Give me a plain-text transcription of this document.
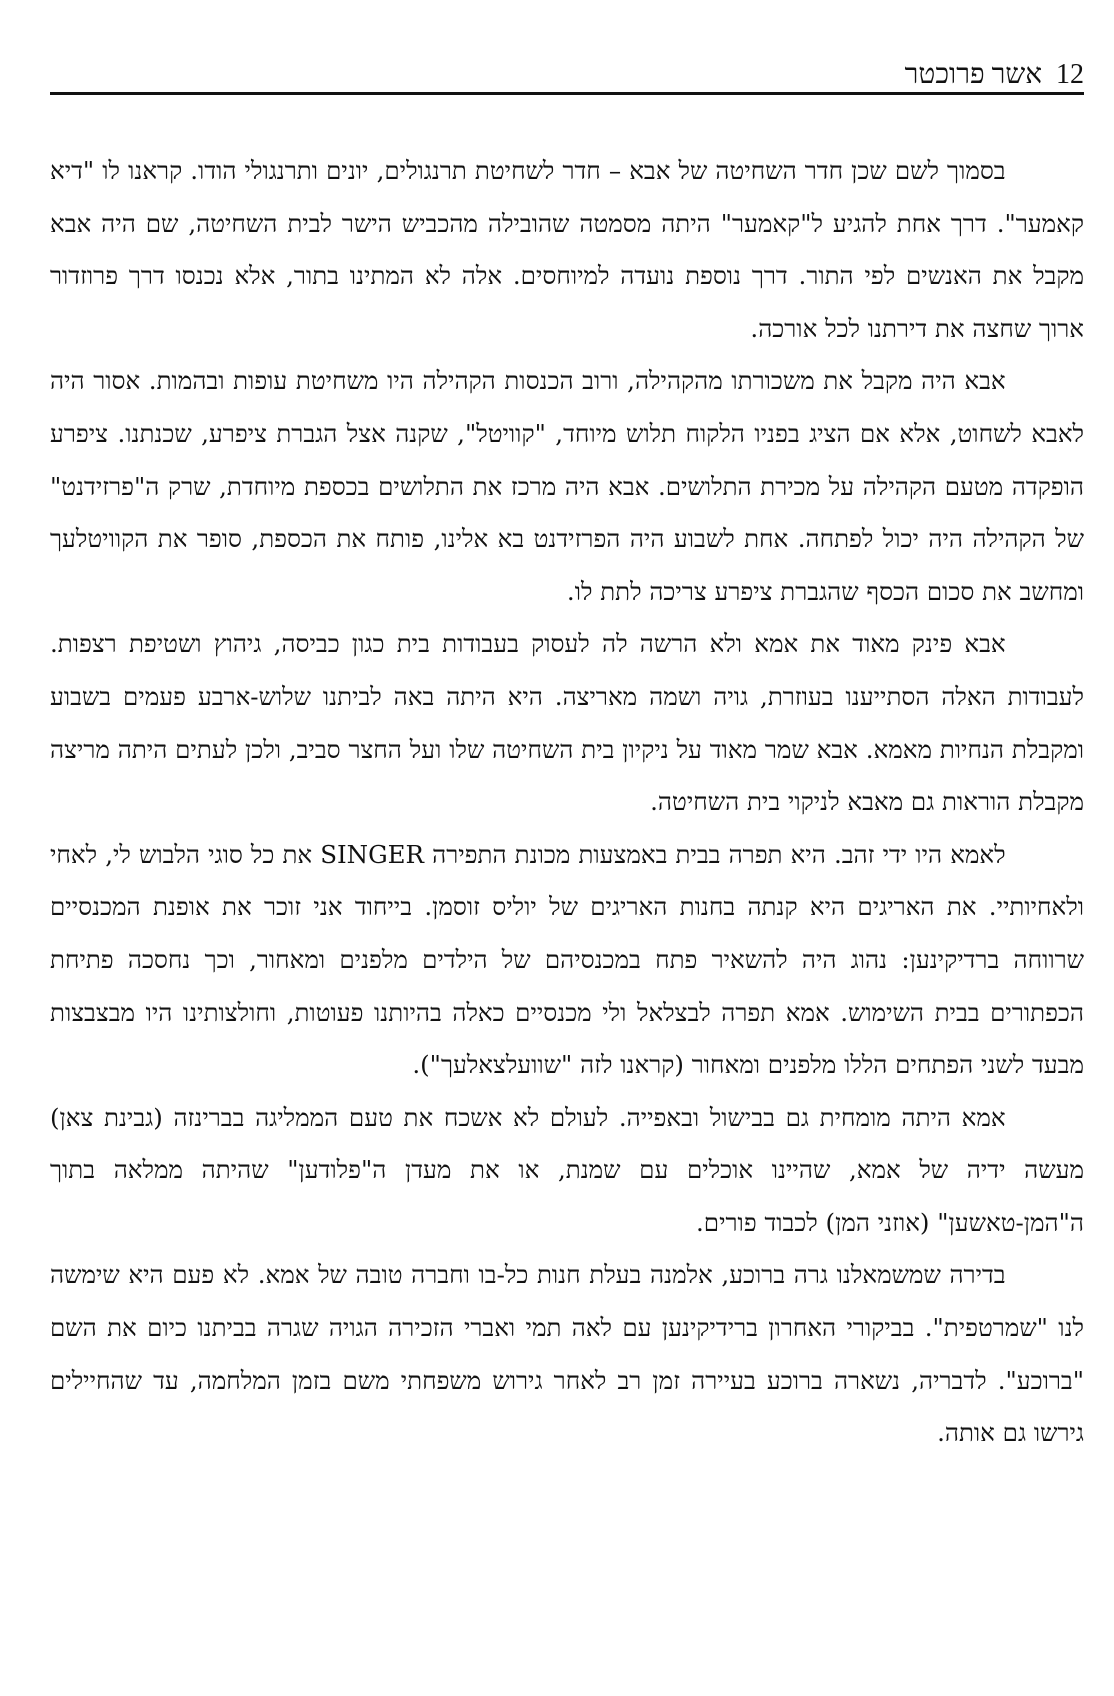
12
אשר פרוכטר

בסמוך לשם שכן חדר השחיטה של אבא – חדר לשחיטת תרנגולים, יונים ותרנגולי הודו. קראנו לו "דיא קאמער". דרך אחת להגיע ל"קאמער" היתה מסמטה שהובילה מהכביש הישר לבית השחיטה, שם היה אבא מקבל את האנשים לפי התור. דרך נוספת נועדה למיוחסים. אלה לא המתינו בתור, אלא נכנסו דרך פרוזדור ארוך שחצה את דירתנו לכל אורכה.

אבא היה מקבל את משכורתו מהקהילה, ורוב הכנסות הקהילה היו משחיטת עופות ובהמות. אסור היה לאבא לשחוט, אלא אם הציג בפניו הלקוח תלוש מיוחד, "קוויטל", שקנה אצל הגברת ציפרע, שכנתנו. ציפרע הופקדה מטעם הקהילה על מכירת התלושים. אבא היה מרכז את התלושים בכספת מיוחדת, שרק ה"פרזידנט" של הקהילה היה יכול לפתחה. אחת לשבוע היה הפרזידנט בא אלינו, פותח את הכספת, סופר את הקוויטלעך ומחשב את סכום הכסף שהגברת ציפרע צריכה לתת לו.

אבא פינק מאוד את אמא ולא הרשה לה לעסוק בעבודות בית כגון כביסה, גיהוץ ושטיפת רצפות. לעבודות האלה הסתייענו בעוזרת, גויה ושמה מאריצה. היא היתה באה לביתנו שלוש-ארבע פעמים בשבוע ומקבלת הנחיות מאמא. אבא שמר מאוד על ניקיון בית השחיטה שלו ועל החצר סביב, ולכן לעתים היתה מריצה מקבלת הוראות גם מאבא לניקוי בית השחיטה.

לאמא היו ידי זהב. היא תפרה בבית באמצעות מכונת התפירה SINGER את כל סוגי הלבוש לי, לאחי ולאחיותיי. את האריגים היא קנתה בחנות האריגים של יוליס זוסמן. בייחוד אני זוכר את אופנת המכנסיים שרווחה ברדיקינען: נהוג היה להשאיר פתח במכנסיהם של הילדים מלפנים ומאחור, וכך נחסכה פתיחת הכפתורים בבית השימוש. אמא תפרה לבצלאל ולי מכנסיים כאלה בהיותנו פעוטות, וחולצותינו היו מבצבצות מבעד לשני הפתחים הללו מלפנים ומאחור (קראנו לזה "שוועלצאלעך").

אמא היתה מומחית גם בבישול ובאפייה. לעולם לא אשכח את טעם הממליגה בברינזה (גבינת צאן) מעשה ידיה של אמא, שהיינו אוכלים עם שמנת, או את מעדן ה"פלודען" שהיתה ממלאה בתוך ה"המן-טאשען" (אוזני המן) לכבוד פורים.

בדירה שמשמאלנו גרה ברוכע, אלמנה בעלת חנות כל-בו וחברה טובה של אמא. לא פעם היא שימשה לנו "שמרטפית". בביקורי האחרון ברידיקינען עם לאה תמי ואברי הזכירה הגויה שגרה בביתנו כיום את השם "ברוכע". לדבריה, נשארה ברוכע בעיירה זמן רב לאחר גירוש משפחתי משם בזמן המלחמה, עד שהחיילים גירשו גם אותה.
